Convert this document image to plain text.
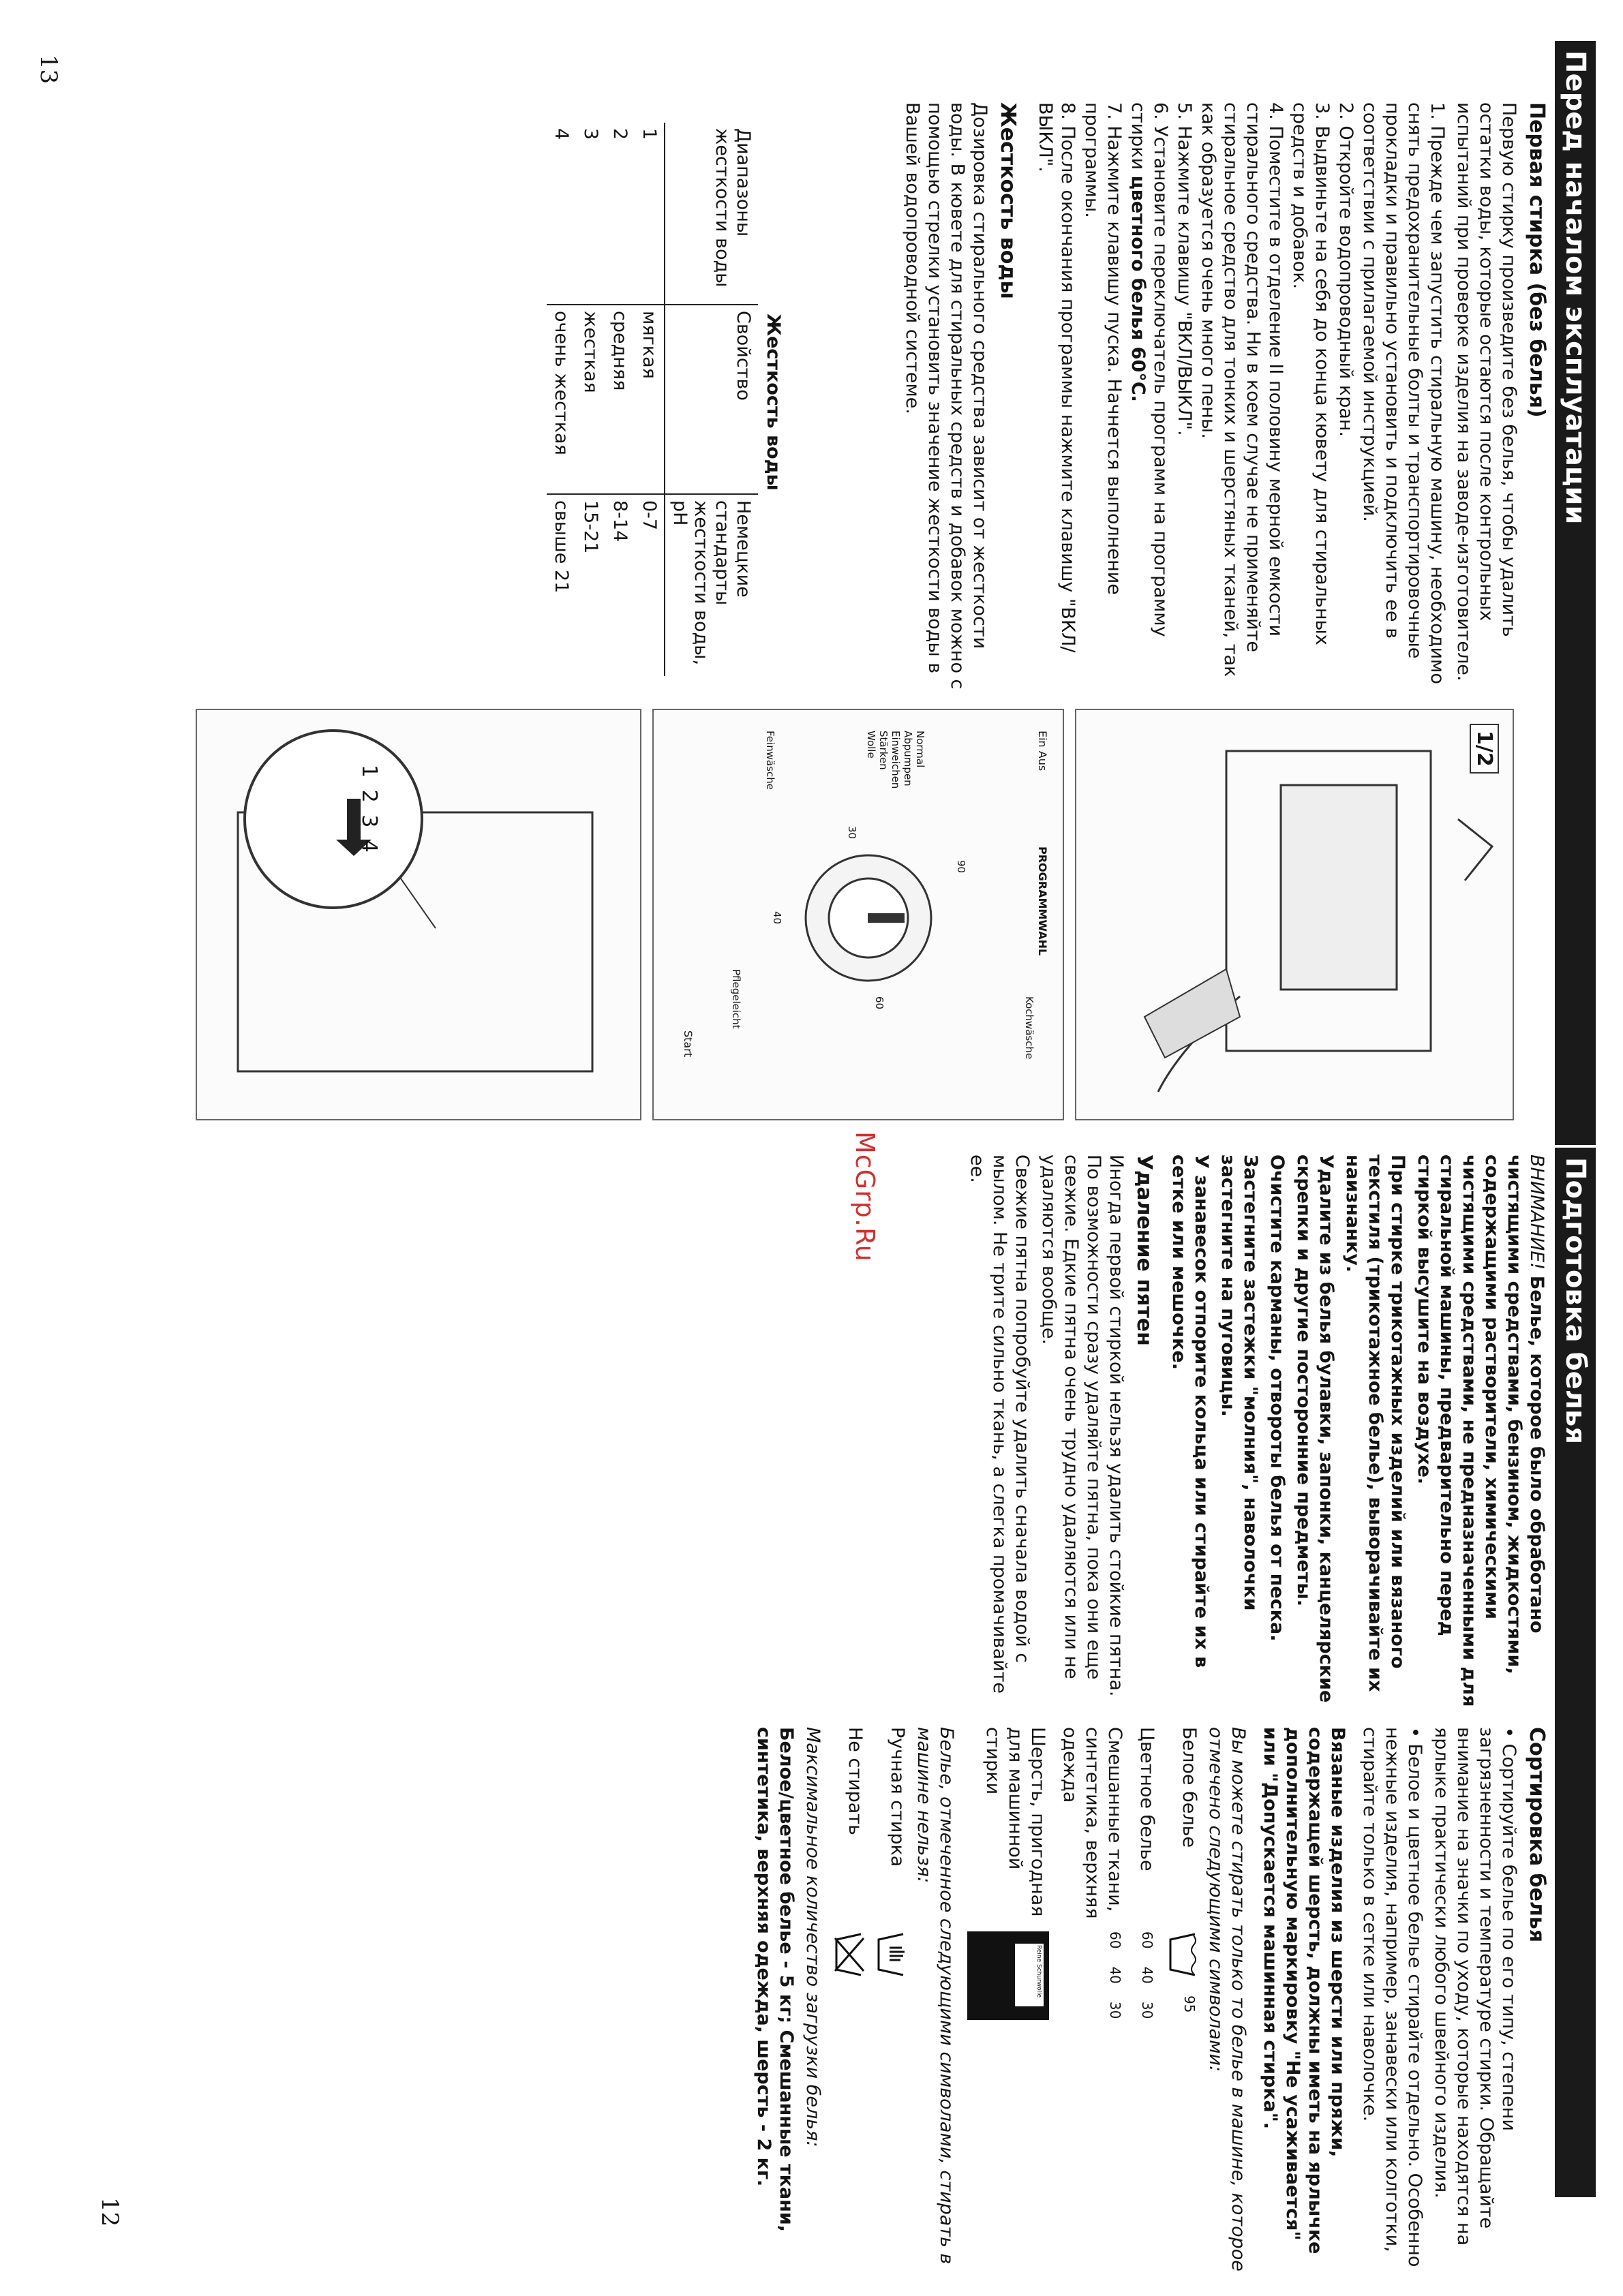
Перед началом эксплуатации
Первая стирка (без белья)

Первую стирку произведите без белья, чтобы удалить остатки воды, которые остаются после контрольных испытаний при проверке изделия на заводе-изготовителе.

1. Прежде чем запустить стиральную машину, необходимо снять предохранительные болты и транспортировочные прокладки и правильно установить и подключить ее в соответствии с прилагаемой инструкцией.
2. Откройте водопроводный кран.
3. Выдвиньте на себя до конца кювету для стиральных средств и добавок.
4. Поместите в отделение II половину мерной емкости стирального средства. Ни в коем случае не применяйте стиральное средство для тонких и шерстяных тканей, так как образуется очень много пены.
5. Нажмите клавишу "ВКЛ/ВЫКЛ".
6. Установите переключатель программ на программу стирки цветного белья 60°С.
7. Нажмите клавишу пуска. Начнется выполнение программы.
8. После окончания программы нажмите клавишу "ВКЛ/ВЫКЛ".
Жесткость воды

Дозировка стирального средства зависит от жесткости воды. В кювете для стиральных средств и добавок можно с помощью стрелки установить значение жесткости воды в Вашей водопроводной системе.

Жесткость воды
Диапазоны жесткости воды	Свойство	Немецкие стандарты жесткости воды, рН
1	мягкая	0-7
2	средняя	8-14
3	жесткая	15-21
4	очень жесткая	свыше 21
1/2
Ein Aus
PROGRAMMWAHL
Kochwäsche
Normal
Abpumpen
Einweichen
Stärken
Wolle
90
60
40
30
Feinwäsche
Pflegeleicht
Start
1 2 3 4
13
Подготовка белья

ВНИМАНИЕ! Белье, которое было обработано чистящими средствами, бензином, жидкостями, содержащими растворители, химическими чистящими средствами, не предназначенными для стиральной машины, предварительно перед стиркой высушите на воздухе.

При стирке трикотажных изделий или вязаного текстиля (трикотажное белье), выворачивайте их наизнанку.

Удалите из белья булавки, запонки, канцелярские скрепки и другие посторонние предметы.

Очистите карманы, отвороты белья от песка.

Застегните застежки "молния", наволочки застегните на пуговицы.

У занавесок отпорите кольца или стирайте их в сетке или мешочке.

Удаление пятен

Иногда первой стиркой нельзя удалить стойкие пятна. По возможности сразу удаляйте пятна, пока они еще свежие. Едкие пятна очень трудно удаляются или не удаляются вообще.

Свежие пятна попробуйте удалить сначала водой с мылом. Не трите сильно ткань, а слегка промачивайте ее.

Сортировка белья

• Сортируйте белье по его типу, степени загрязненности и температуре стирки. Обращайте внимание на значки по уходу, которые находятся на ярлыке практически любого швейного изделия.

• Белое и цветное белье стирайте отдельно. Особенно нежные изделия, например, занавески или колготки, стирайте только в сетке или наволочке.

Вязаные изделия из шерсти или пряжи, содержащей шерсть, должны иметь на ярлычке дополнительную маркировку "Не усаживается" или "Допускается машинная стирка".

Вы можете стирать только то белье в машине, которое отмечено следующими символами:

Белое белье
95
Цветное белье
60
40
30
Смешанные ткани, синтетика, верхняя одежда
60
40
30
Шерсть, пригодная для машинной стирки
Reine Schurwolle

Белье, отмеченное следующими символами, стирать в машине нельзя:

Ручная стирка
Не стирать

Максимальное количество загрузки белья:

Белое/цветное белье - 5 кг; Смешанные ткани, синтетика, верхняя одежда, шерсть - 2 кг.

12
McGrp.Ru
